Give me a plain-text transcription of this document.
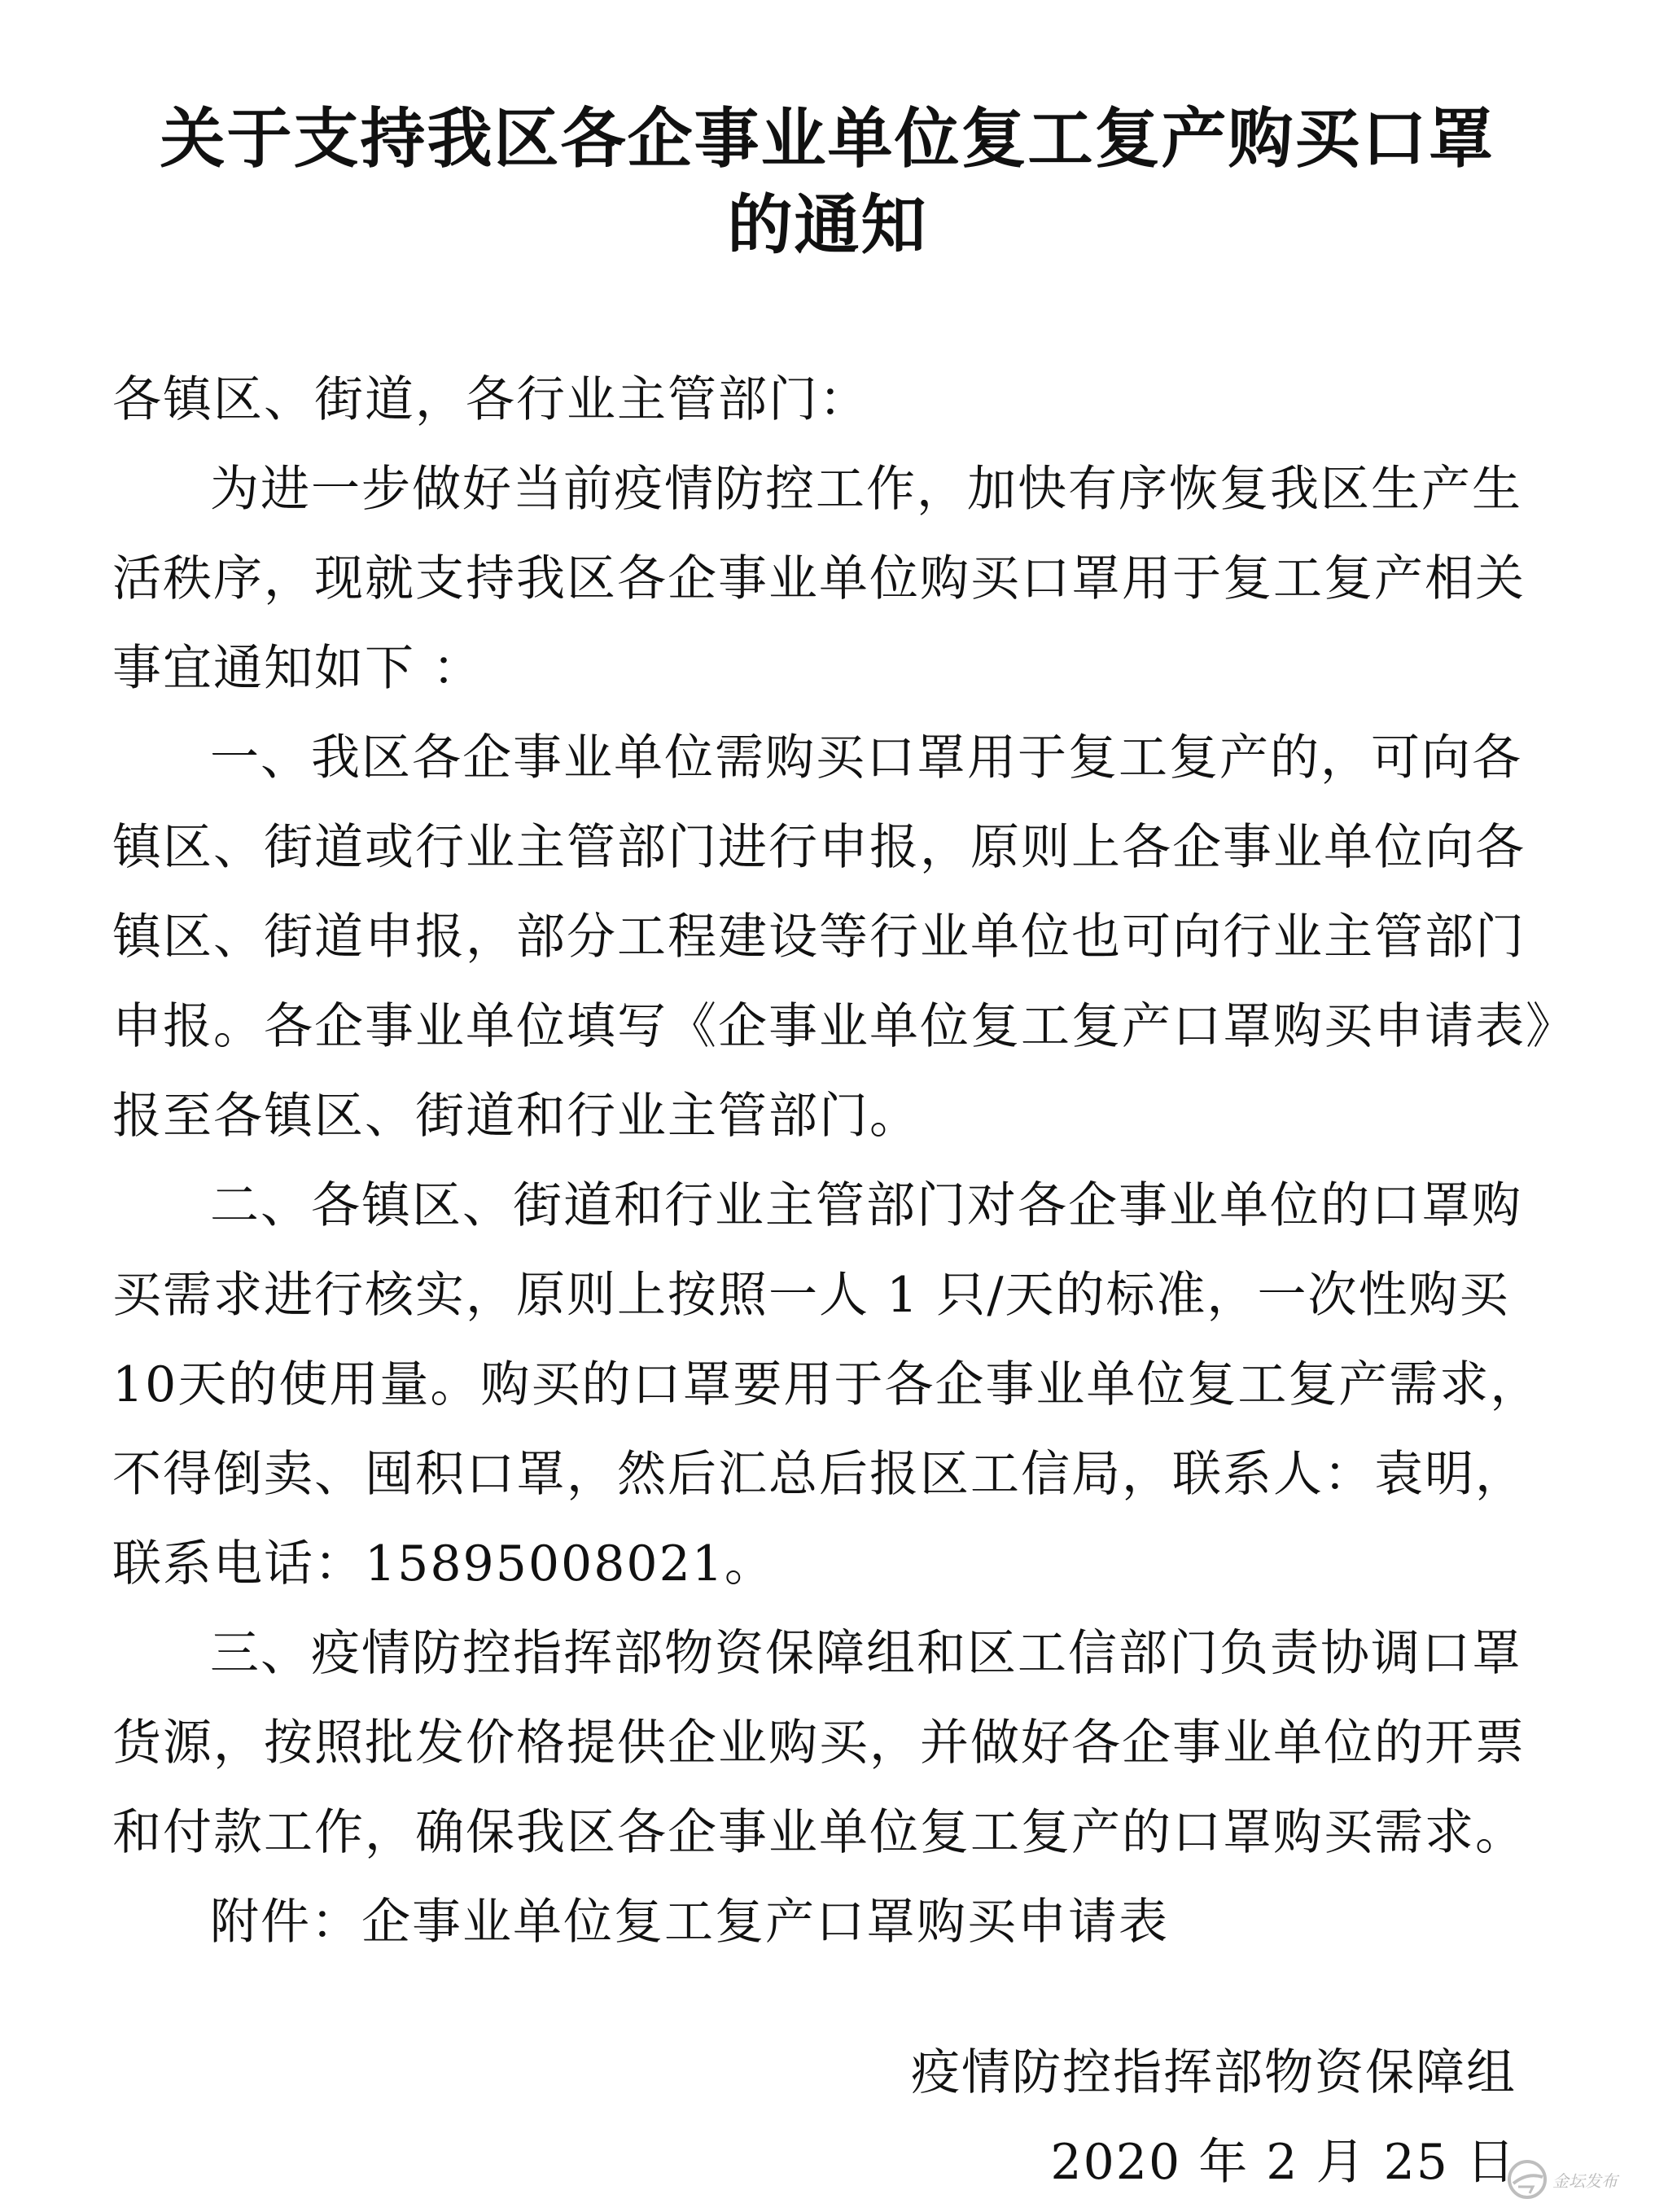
关于支持我区各企事业单位复工复产购买口罩
的通知
各镇区、街道，各行业主管部门：
为进一步做好当前疫情防控工作，加快有序恢复我区生产生
活秩序，现就支持我区各企事业单位购买口罩用于复工复产相关
事宜通知如下 ：
一、我区各企事业单位需购买口罩用于复工复产的，可向各
镇区、街道或行业主管部门进行申报，原则上各企事业单位向各
镇区、街道申报，部分工程建设等行业单位也可向行业主管部门
申报。各企事业单位填写《企事业单位复工复产口罩购买申请表》
报至各镇区、街道和行业主管部门。
二、各镇区、街道和行业主管部门对各企事业单位的口罩购
买需求进行核实，原则上按照一人 1 只/天的标准，一次性购买
10天的使用量。购买的口罩要用于各企事业单位复工复产需求，
不得倒卖、囤积口罩，然后汇总后报区工信局，联系人：袁明，
联系电话：15895008021。
三、疫情防控指挥部物资保障组和区工信部门负责协调口罩
货源，按照批发价格提供企业购买，并做好各企事业单位的开票
和付款工作，确保我区各企事业单位复工复产的口罩购买需求。
附件：企事业单位复工复产口罩购买申请表
疫情防控指挥部物资保障组
2020 年 2 月 25 日 金坛发布
